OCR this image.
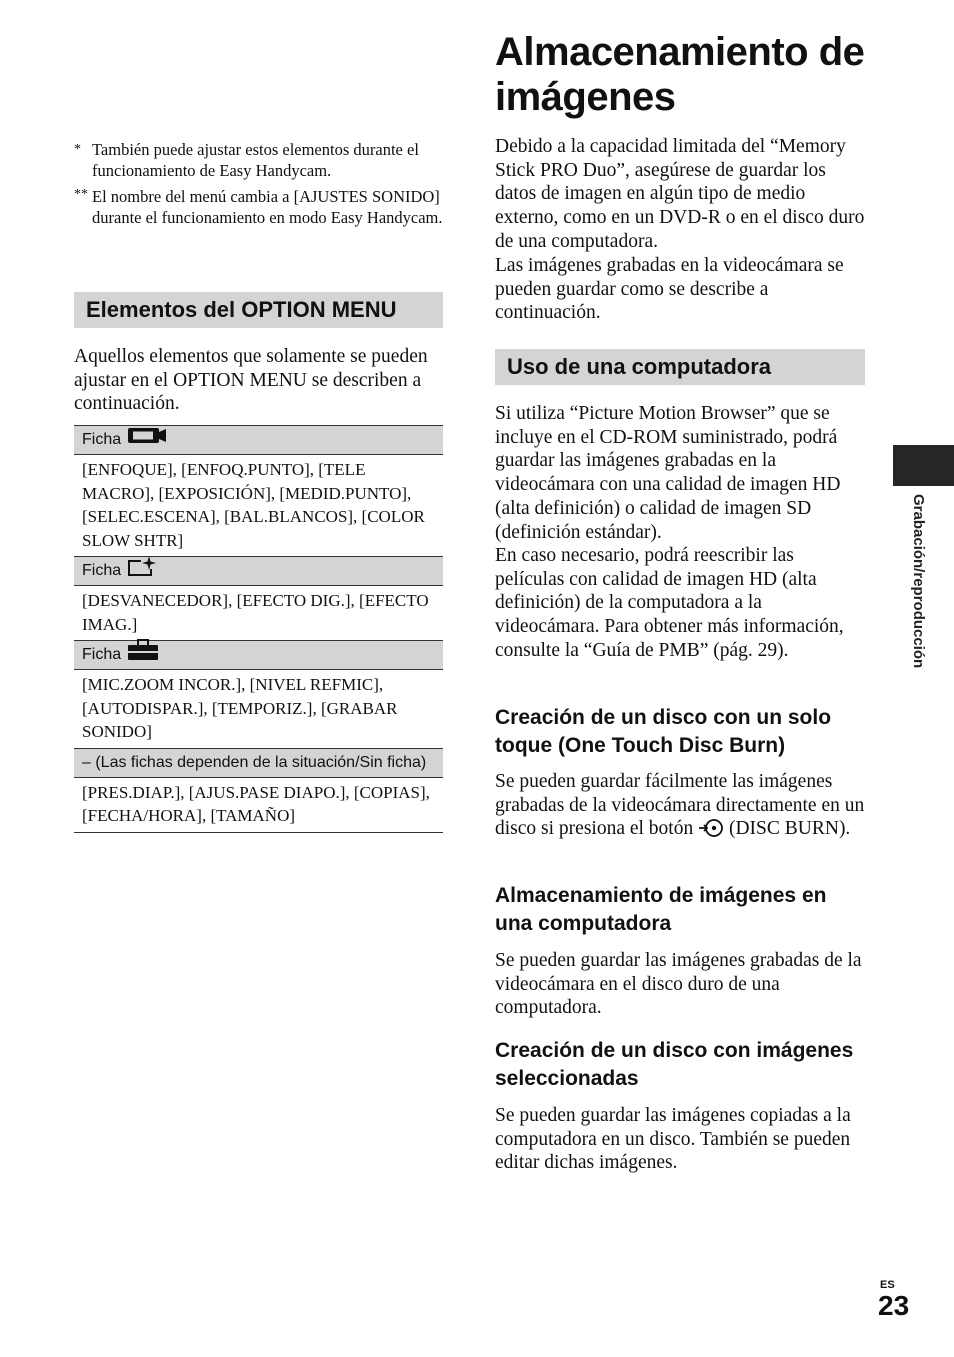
* También puede ajustar estos elementos durante el funcionamiento de Easy Handycam.
** El nombre del menú cambia a [AJUSTES SONIDO] durante el funcionamiento en modo Easy Handycam.
Elementos del OPTION MENU

Aquellos elementos que solamente se pueden ajustar en el OPTION MENU se describen a continuación.

Ficha
[ENFOQUE], [ENFOQ.PUNTO], [TELE MACRO], [EXPOSICIÓN], [MEDID.PUNTO], [SELEC.ESCENA], [BAL.BLANCOS], [COLOR SLOW SHTR]
Ficha
[DESVANECEDOR], [EFECTO DIG.], [EFECTO IMAG.]
Ficha
[MIC.ZOOM INCOR.], [NIVEL REFMIC], [AUTODISPAR.], [TEMPORIZ.], [GRABAR SONIDO]
– (Las fichas dependen de la situación/Sin ficha)
[PRES.DIAP.], [AJUS.PASE DIAPO.], [COPIAS], [FECHA/HORA], [TAMAÑO]
Almacenamiento de imágenes

Debido a la capacidad limitada del “Memory Stick PRO Duo”, asegúrese de guardar los datos de imagen en algún tipo de medio externo, como en un DVD-R o en el disco duro de una computadora.

Las imágenes grabadas en la videocámara se pueden guardar como se describe a continuación.

Uso de una computadora

Si utiliza “Picture Motion Browser” que se incluye en el CD-ROM suministrado, podrá guardar las imágenes grabadas en la videocámara con una calidad de imagen HD (alta definición) o calidad de imagen SD (definición estándar).

En caso necesario, podrá reescribir las películas con calidad de imagen HD (alta definición) de la computadora a la videocámara. Para obtener más información, consulte la “Guía de PMB” (pág. 29).

Creación de un disco con un solo toque (One Touch Disc Burn)

Se pueden guardar fácilmente las imágenes grabadas de la videocámara directamente en un disco si presiona el botón (DISC BURN).

Almacenamiento de imágenes en una computadora

Se pueden guardar las imágenes grabadas de la videocámara en el disco duro de una computadora.

Creación de un disco con imágenes seleccionadas

Se pueden guardar las imágenes copiadas a la computadora en un disco. También se pueden editar dichas imágenes.

Grabación/reproducción
ES
23
